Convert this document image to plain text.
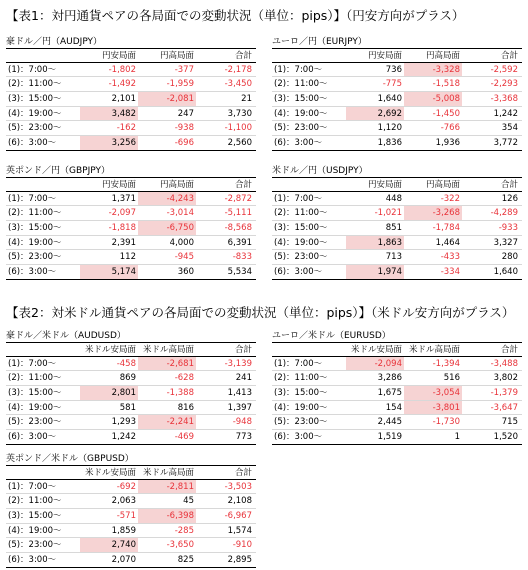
【表1：対円通貨ペアの各局面での変動状況（単位：pips）】（円安方向がプラス）
【表2：対米ドル通貨ペアの各局面での変動状況（単位：pips）】（米ドル安方向がプラス）
豪ドル／円（AUDJPY）
円安局面	円高局面	合計
(1)：7:00～	-1,802	-377	-2,178
(2)：11:00～	-1,492	-1,959	-3,450
(3)：15:00～	2,101	-2,081	21
(4)：19:00～	3,482	247	3,730
(5)：23:00～	-162	-938	-1,100
(6)：3:00～	3,256	-696	2,560
ユーロ／円（EURJPY）
円安局面	円高局面	合計
(1)：7:00～	736	-3,328	-2,592
(2)：11:00～	-775	-1,518	-2,293
(3)：15:00～	1,640	-5,008	-3,368
(4)：19:00～	2,692	-1,450	1,242
(5)：23:00～	1,120	-766	354
(6)：3:00～	1,836	1,936	3,772
英ポンド／円（GBPJPY）
円安局面	円高局面	合計
(1)：7:00～	1,371	-4,243	-2,872
(2)：11:00～	-2,097	-3,014	-5,111
(3)：15:00～	-1,818	-6,750	-8,568
(4)：19:00～	2,391	4,000	6,391
(5)：23:00～	112	-945	-833
(6)：3:00～	5,174	360	5,534
米ドル／円（USDJPY）
円安局面	円高局面	合計
(1)：7:00～	448	-322	126
(2)：11:00～	-1,021	-3,268	-4,289
(3)：15:00～	851	-1,784	-933
(4)：19:00～	1,863	1,464	3,327
(5)：23:00～	713	-433	280
(6)：3:00～	1,974	-334	1,640
豪ドル／米ドル（AUDUSD）
米ドル安局面 米ドル高局面	合計
(1)：7:00～	-458	-2,681	-3,139
(2)：11:00～	869	-628	241
(3)：15:00～	2,801	-1,388	1,413
(4)：19:00～	581	816	1,397
(5)：23:00～	1,293	-2,241	-948
(6)：3:00～	1,242	-469	773
ユーロ／米ドル（EURUSD）
米ドル安局面 米ドル高局面	合計
(1)：7:00～	-2,094	-1,394	-3,488
(2)：11:00～	3,286	516	3,802
(3)：15:00～	1,675	-3,054	-1,379
(4)：19:00～	154	-3,801	-3,647
(5)：23:00～	2,445	-1,730	715
(6)：3:00～	1,519	1	1,520
英ポンド／米ドル（GBPUSD）
米ドル安局面 米ドル高局面	合計
(1)：7:00～	-692	-2,811	-3,503
(2)：11:00～	2,063	45	2,108
(3)：15:00～	-571	-6,398	-6,967
(4)：19:00～	1,859	-285	1,574
(5)：23:00～	2,740	-3,650	-910
(6)：3:00～	2,070	825	2,895
